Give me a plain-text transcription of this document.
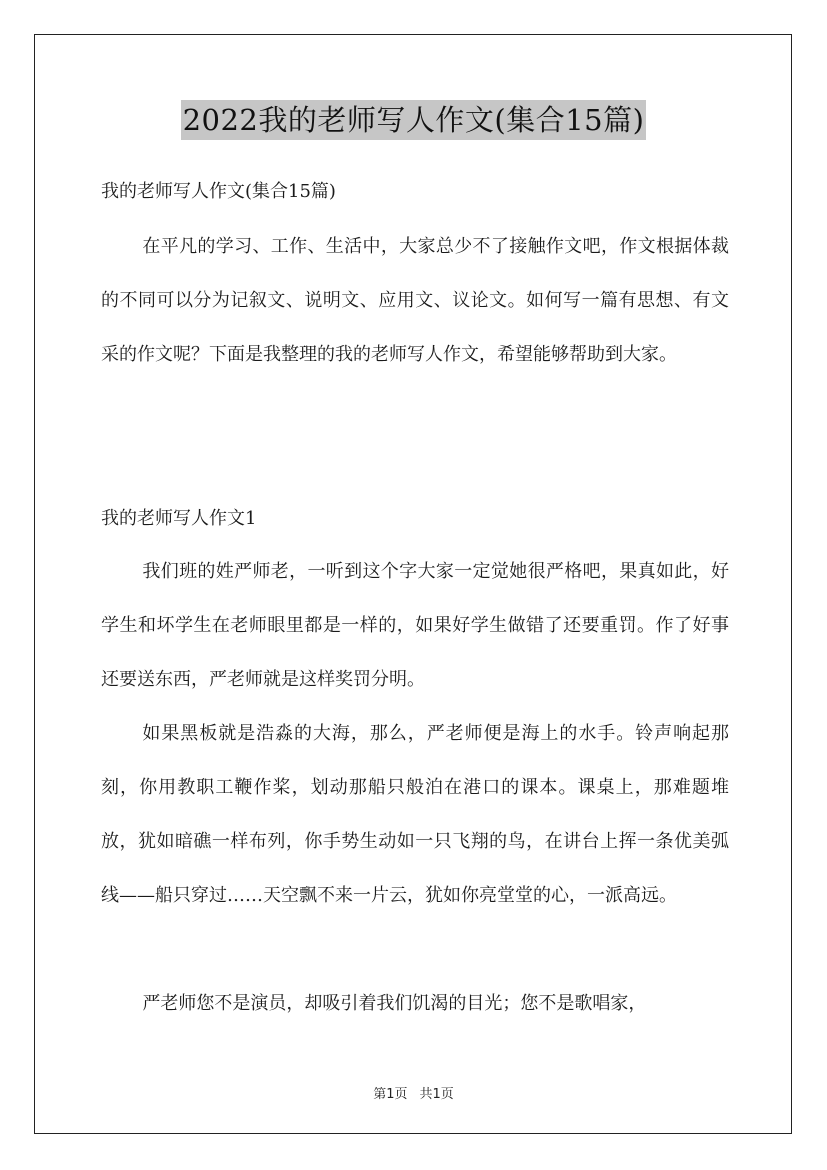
2022我的老师写人作文(集合15篇)
我的老师写人作文(集合15篇)

在平凡的学习、工作、生活中，大家总少不了接触作文吧，作文根据体裁的不同可以分为记叙文、说明文、应用文、议论文。如何写一篇有思想、有文采的作文呢？下面是我整理的我的老师写人作文，希望能够帮助到大家。

我的老师写人作文1

我们班的姓严师老，一听到这个字大家一定觉她很严格吧，果真如此，好学生和坏学生在老师眼里都是一样的，如果好学生做错了还要重罚。作了好事还要送东西，严老师就是这样奖罚分明。

如果黑板就是浩淼的大海，那么，严老师便是海上的水手。铃声响起那刻，你用教职工鞭作桨，划动那船只般泊在港口的课本。课桌上，那难题堆放，犹如暗礁一样布列，你手势生动如一只飞翔的鸟，在讲台上挥一条优美弧线——船只穿过……天空飘不来一片云，犹如你亮堂堂的心，一派高远。

严老师您不是演员，却吸引着我们饥渴的目光；您不是歌唱家，

第1页 共1页
